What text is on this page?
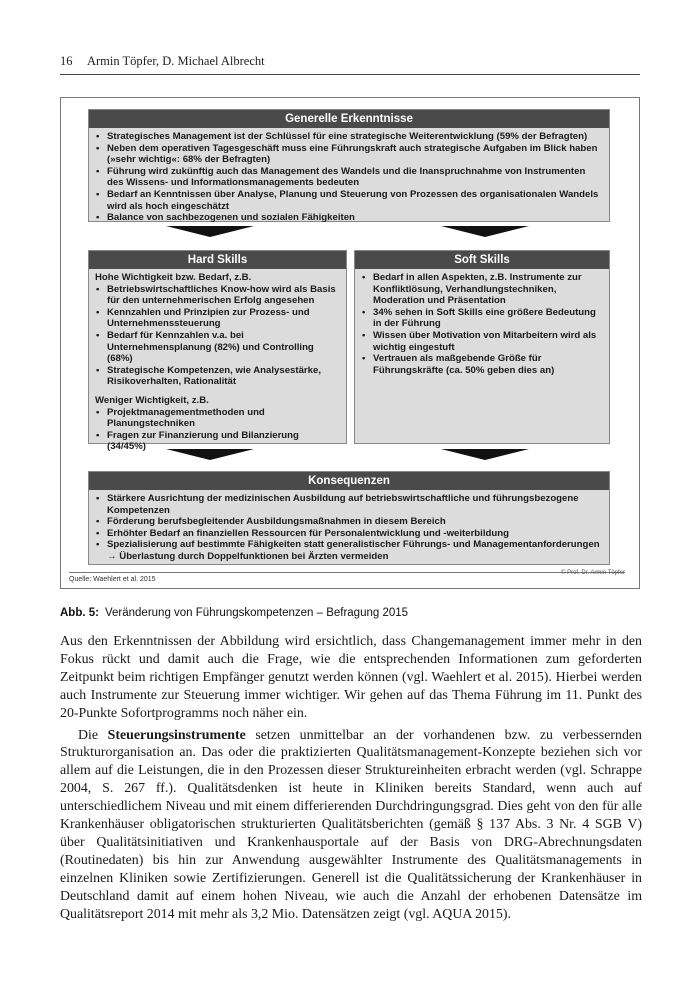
16 Armin Töpfer, D. Michael Albrecht
Generelle Erkenntnisse
• Strategisches Management ist der Schlüssel für eine strategische Weiterentwicklung (59% der Befragten)
• Neben dem operativen Tagesgeschäft muss eine Führungskraft auch strategische Aufgaben im Blick haben (»sehr wichtig«: 68% der Befragten)
• Führung wird zukünftig auch das Management des Wandels und die Inanspruchnahme von Instrumenten des Wissens- und Informationsmanagements bedeuten
• Bedarf an Kenntnissen über Analyse, Planung und Steuerung von Prozessen des organisationalen Wandels wird als hoch eingeschätzt
• Balance von sachbezogenen und sozialen Fähigkeiten
Hard Skills
Hohe Wichtigkeit bzw. Bedarf, z.B.
• Betriebswirtschaftliches Know-how wird als Basis für den unternehmerischen Erfolg angesehen
• Kennzahlen und Prinzipien zur Prozess- und Unternehmenssteuerung
• Bedarf für Kennzahlen v.a. bei Unternehmensplanung (82%) und Controlling (68%)
• Strategische Kompetenzen, wie Analysestärke, Risikoverhalten, Rationalität
Weniger Wichtigkeit, z.B.
• Projektmanagementmethoden und Planungstechniken
• Fragen zur Finanzierung und Bilanzierung (34/45%)
Soft Skills
• Bedarf in allen Aspekten, z.B. Instrumente zur Konfliktlösung, Verhandlungstechniken, Moderation und Präsentation
• 34% sehen in Soft Skills eine größere Bedeutung in der Führung
• Wissen über Motivation von Mitarbeitern wird als wichtig eingestuft
• Vertrauen als maßgebende Größe für Führungskräfte (ca. 50% geben dies an)
Konsequenzen
• Stärkere Ausrichtung der medizinischen Ausbildung auf betriebswirtschaftliche und führungsbezogene Kompetenzen
• Förderung berufsbegleitender Ausbildungsmaßnahmen in diesem Bereich
• Erhöhter Bedarf an finanziellen Ressourcen für Personalentwicklung und -weiterbildung
• Spezialisierung auf bestimmte Fähigkeiten statt generalistischer Führungs- und Managementanforderungen → Überlastung durch Doppelfunktionen bei Ärzten vermeiden
Quelle: Waehlert et al. 2015
© Prof. Dr. Armin Töpfer
Abb. 5: Veränderung von Führungskompetenzen – Befragung 2015

Aus den Erkenntnissen der Abbildung wird ersichtlich, dass Changemanagement immer mehr in den Fokus rückt und damit auch die Frage, wie die entsprechenden Informationen zum geforderten Zeitpunkt beim richtigen Empfänger genutzt werden können (vgl. Waehlert et al. 2015). Hierbei werden auch Instrumente zur Steuerung immer wichtiger. Wir gehen auf das Thema Führung im 11. Punkt des 20-Punkte Sofortprogramms noch näher ein.

Die Steuerungsinstrumente setzen unmittelbar an der vorhandenen bzw. zu verbessernden Strukturorganisation an. Das oder die praktizierten Qualitätsmanagement-Konzepte beziehen sich vor allem auf die Leistungen, die in den Prozessen dieser Struktureinheiten erbracht werden (vgl. Schrappe 2004, S. 267 ff.). Qualitätsdenken ist heute in Kliniken bereits Standard, wenn auch auf unterschiedlichem Niveau und mit einem differierenden Durchdringungsgrad. Dies geht von den für alle Krankenhäuser obligatorischen strukturierten Qualitätsberichten (gemäß § 137 Abs. 3 Nr. 4 SGB V) über Qualitätsinitiativen und Krankenhausportale auf der Basis von DRG-Abrechnungsdaten (Routinedaten) bis hin zur Anwendung ausgewählter Instrumente des Qualitätsmanagements in einzelnen Kliniken sowie Zertifizierungen. Generell ist die Qualitätssicherung der Krankenhäuser in Deutschland damit auf einem hohen Niveau, wie auch die Anzahl der erhobenen Datensätze im Qualitätsreport 2014 mit mehr als 3,2 Mio. Datensätzen zeigt (vgl. AQUA 2015).
